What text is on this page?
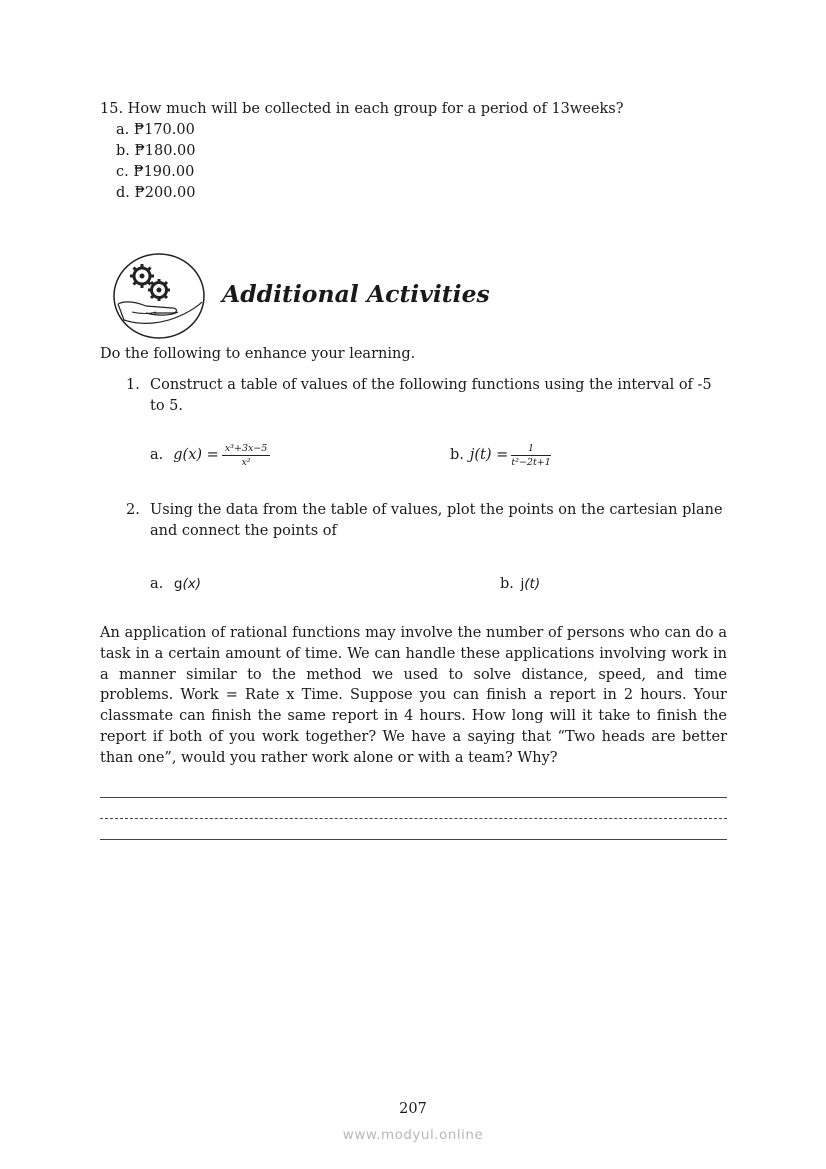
15. How much will be collected in each group for a period of 13weeks?
a. ₱170.00
b. ₱180.00
c. ₱190.00
d. ₱200.00
Additional Activities
Do the following to enhance your learning.
1. Construct a table of values of the following functions using the interval of -5
to 5.
a. $g(x) = \frac{\text{x³+3x−5}}{\text{x²}}$	b. $j(t) = \frac{1}{\text{t²−2t+1}}$
2. Using the data from the table of values, plot the points on the cartesian plane
and connect the points of
a. g(x)	b. j(t)
An application of rational functions may involve the number of persons who can do a task in a certain amount of time. We can handle these applications involving work in a manner similar to the method we used to solve distance, speed, and time problems. Work = Rate x Time. Suppose you can finish a report in 2 hours. Your classmate can finish the same report in 4 hours. How long will it take to finish the report if both of you work together? We have a saying that “Two heads are better than one”, would you rather work alone or with a team? Why?
207
www.modyul.online
